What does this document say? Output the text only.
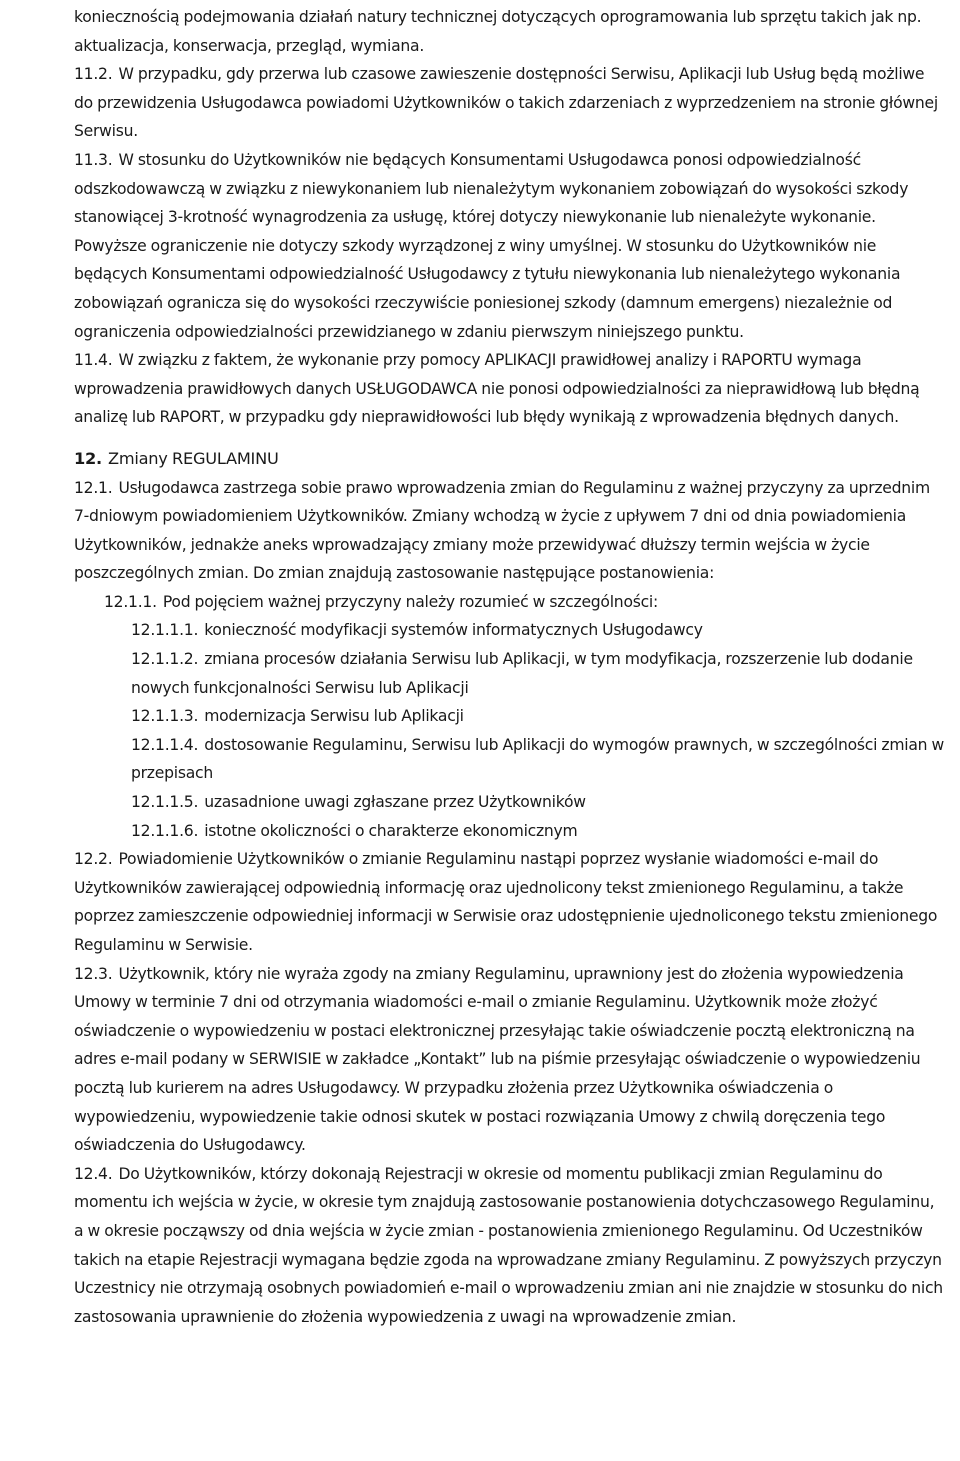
koniecznością podejmowania działań natury technicznej dotyczących oprogramowania lub sprzętu takich jak np. aktualizacja, konserwacja, przegląd, wymiana.

11.2. W przypadku, gdy przerwa lub czasowe zawieszenie dostępności Serwisu, Aplikacji lub Usług będą możliwe do przewidzenia Usługodawca powiadomi Użytkowników o takich zdarzeniach z wyprzedzeniem na stronie głównej Serwisu.

11.3. W stosunku do Użytkowników nie będących Konsumentami Usługodawca ponosi odpowiedzialność odszkodowawczą w związku z niewykonaniem lub nienależytym wykonaniem zobowiązań do wysokości szkody stanowiącej 3-krotność wynagrodzenia za usługę, której dotyczy niewykonanie lub nienależyte wykonanie. Powyższe ograniczenie nie dotyczy szkody wyrządzonej z winy umyślnej. W stosunku do Użytkowników nie będących Konsumentami odpowiedzialność Usługodawcy z tytułu niewykonania lub nienależytego wykonania zobowiązań ogranicza się do wysokości rzeczywiście poniesionej szkody (damnum emergens) niezależnie od ograniczenia odpowiedzialności przewidzianego w zdaniu pierwszym niniejszego punktu.

11.4. W związku z faktem, że wykonanie przy pomocy APLIKACJI prawidłowej analizy i RAPORTU wymaga wprowadzenia prawidłowych danych USŁUGODAWCA nie ponosi odpowiedzialności za nieprawidłową lub błędną analizę lub RAPORT, w przypadku gdy nieprawidłowości lub błędy wynikają z wprowadzenia błędnych danych.

12. Zmiany REGULAMINU

12.1. Usługodawca zastrzega sobie prawo wprowadzenia zmian do Regulaminu z ważnej przyczyny za uprzednim 7-dniowym powiadomieniem Użytkowników. Zmiany wchodzą w życie z upływem 7 dni od dnia powiadomienia Użytkowników, jednakże aneks wprowadzający zmiany może przewidywać dłuższy termin wejścia w życie poszczególnych zmian. Do zmian znajdują zastosowanie następujące postanowienia:

12.1.1. Pod pojęciem ważnej przyczyny należy rozumieć w szczególności:

12.1.1.1. konieczność modyfikacji systemów informatycznych Usługodawcy

12.1.1.2. zmiana procesów działania Serwisu lub Aplikacji, w tym modyfikacja, rozszerzenie lub dodanie nowych funkcjonalności Serwisu lub Aplikacji

12.1.1.3. modernizacja Serwisu lub Aplikacji

12.1.1.4. dostosowanie Regulaminu, Serwisu lub Aplikacji do wymogów prawnych, w szczególności zmian w przepisach

12.1.1.5. uzasadnione uwagi zgłaszane przez Użytkowników

12.1.1.6. istotne okoliczności o charakterze ekonomicznym

12.2. Powiadomienie Użytkowników o zmianie Regulaminu nastąpi poprzez wysłanie wiadomości e-mail do Użytkowników zawierającej odpowiednią informację oraz ujednolicony tekst zmienionego Regulaminu, a także poprzez zamieszczenie odpowiedniej informacji w Serwisie oraz udostępnienie ujednoliconego tekstu zmienionego Regulaminu w Serwisie.

12.3. Użytkownik, który nie wyraża zgody na zmiany Regulaminu, uprawniony jest do złożenia wypowiedzenia Umowy w terminie 7 dni od otrzymania wiadomości e-mail o zmianie Regulaminu. Użytkownik może złożyć oświadczenie o wypowiedzeniu w postaci elektronicznej przesyłając takie oświadczenie pocztą elektroniczną na adres e-mail podany w SERWISIE w zakładce „Kontakt” lub na piśmie przesyłając oświadczenie o wypowiedzeniu pocztą lub kurierem na adres Usługodawcy. W przypadku złożenia przez Użytkownika oświadczenia o wypowiedzeniu, wypowiedzenie takie odnosi skutek w postaci rozwiązania Umowy z chwilą doręczenia tego oświadczenia do Usługodawcy.

12.4. Do Użytkowników, którzy dokonają Rejestracji w okresie od momentu publikacji zmian Regulaminu do momentu ich wejścia w życie, w okresie tym znajdują zastosowanie postanowienia dotychczasowego Regulaminu, a w okresie począwszy od dnia wejścia w życie zmian - postanowienia zmienionego Regulaminu. Od Uczestników takich na etapie Rejestracji wymagana będzie zgoda na wprowadzane zmiany Regulaminu. Z powyższych przyczyn Uczestnicy nie otrzymają osobnych powiadomień e-mail o wprowadzeniu zmian ani nie znajdzie w stosunku do nich zastosowania uprawnienie do złożenia wypowiedzenia z uwagi na wprowadzenie zmian.
